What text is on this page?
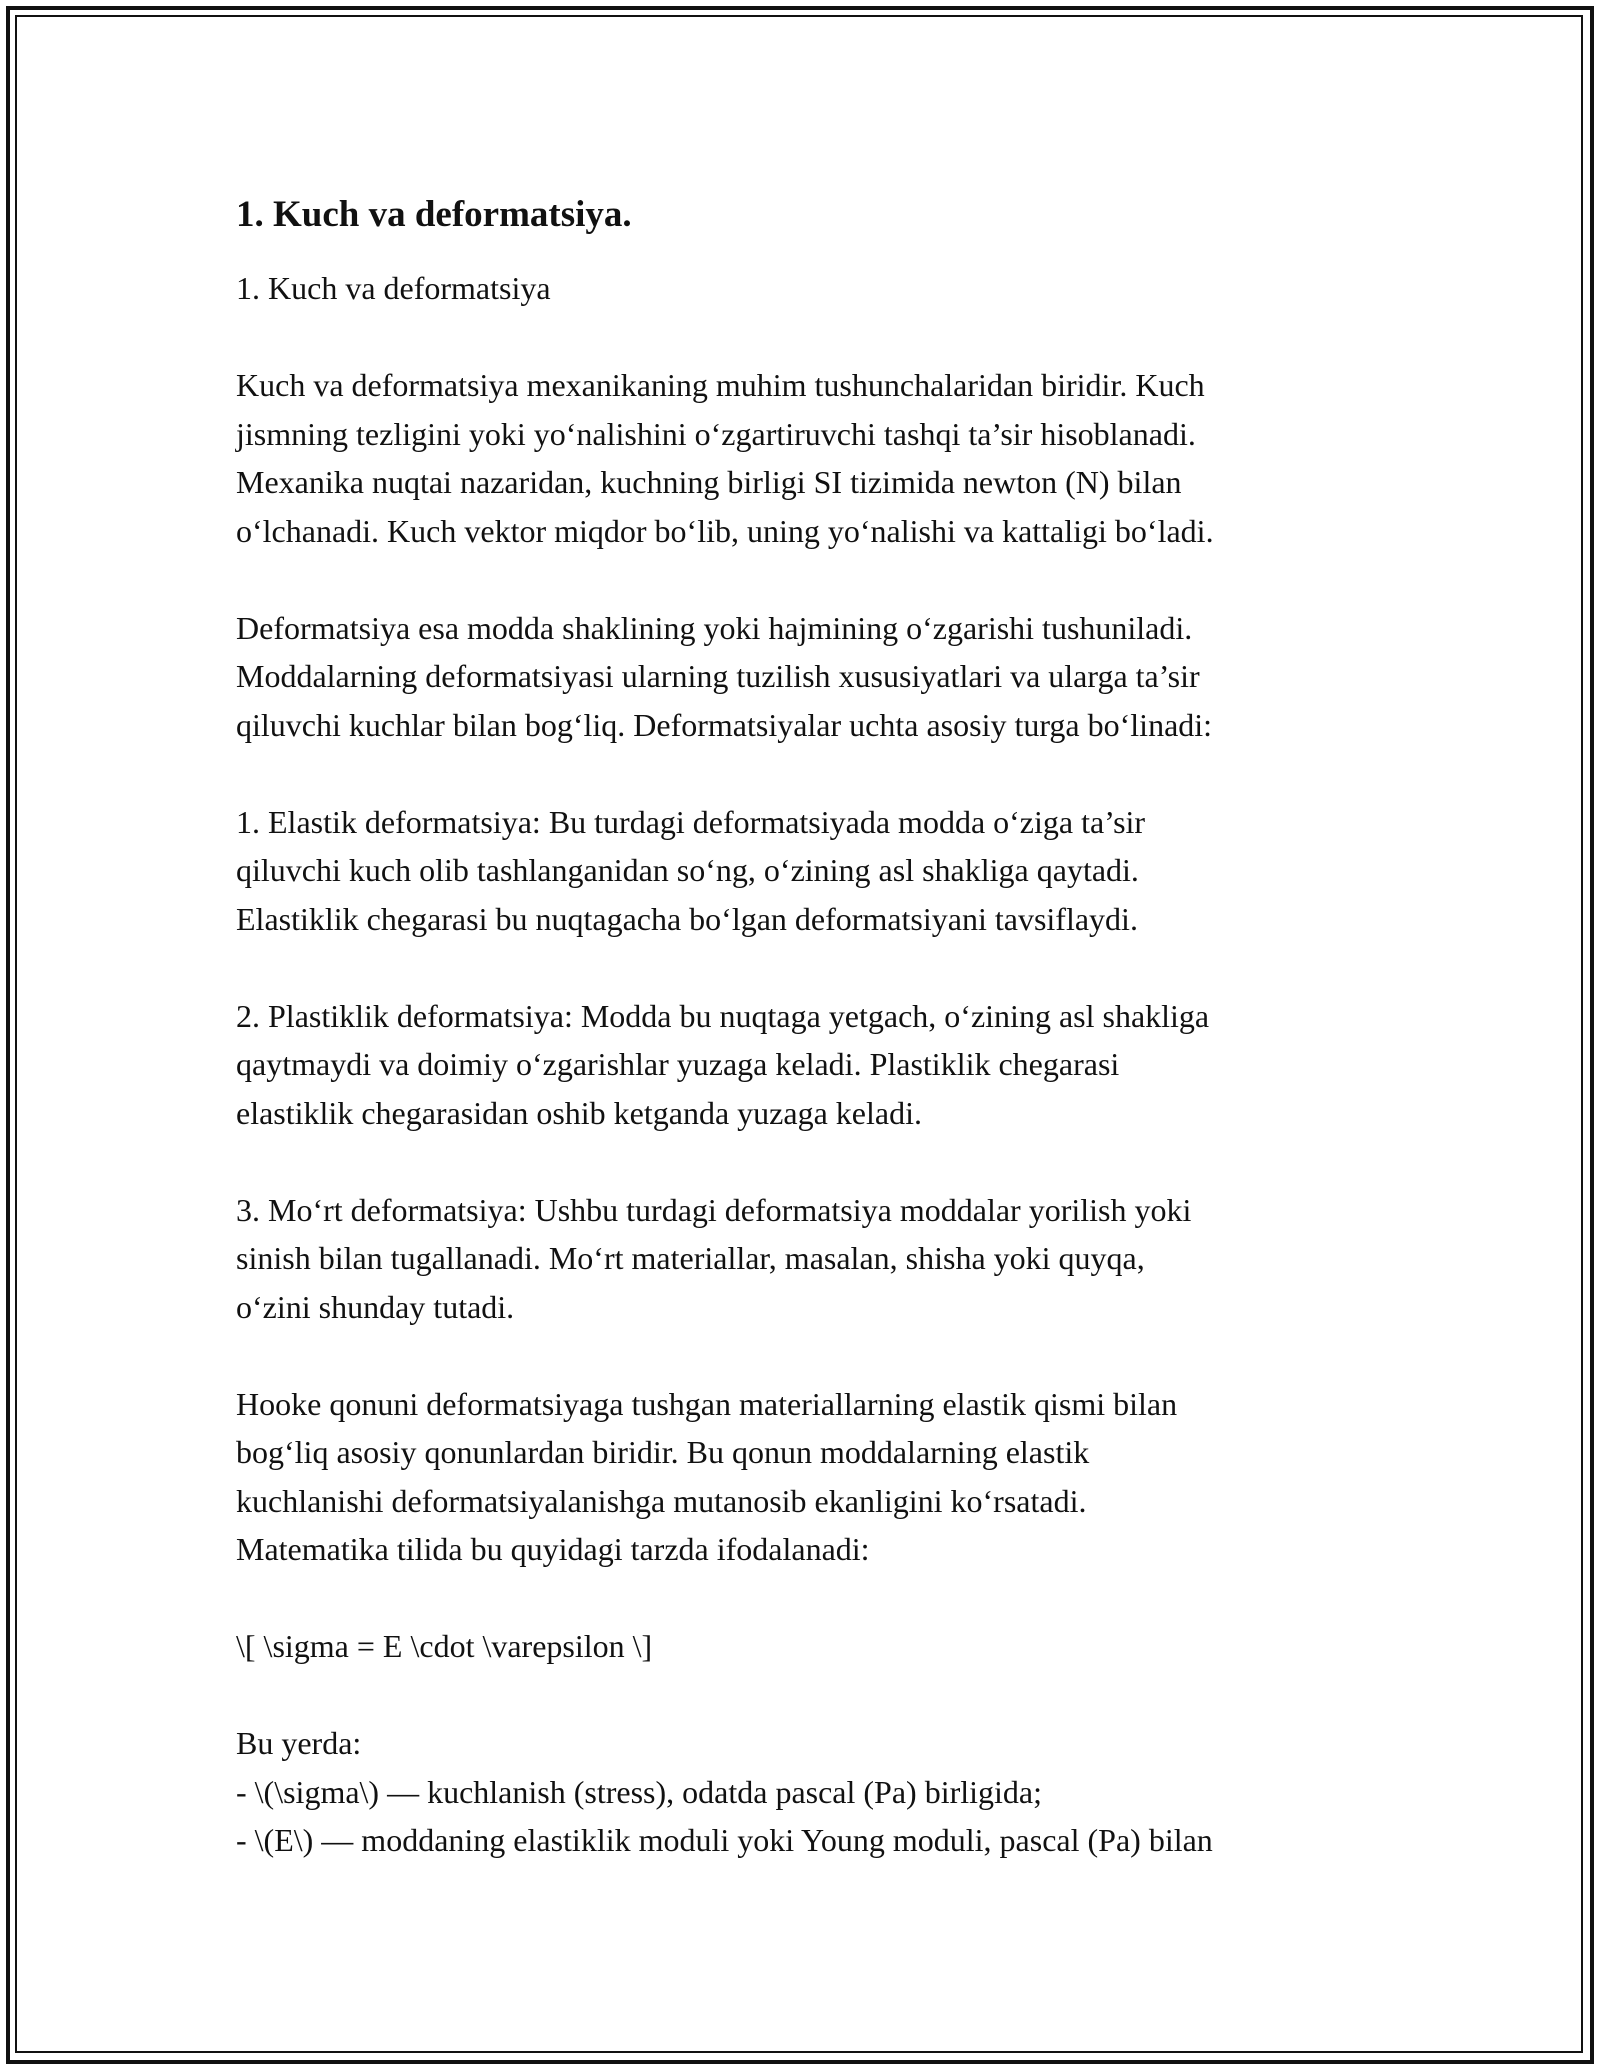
1. Kuch va deformatsiya.

1. Kuch va deformatsiya

Kuch va deformatsiya mexanikaning muhim tushunchalaridan biridir. Kuch
jismning tezligini yoki yo‘nalishini o‘zgartiruvchi tashqi ta’sir hisoblanadi.
Mexanika nuqtai nazaridan, kuchning birligi SI tizimida newton (N) bilan
o‘lchanadi. Kuch vektor miqdor bo‘lib, uning yo‘nalishi va kattaligi bo‘ladi.

Deformatsiya esa modda shaklining yoki hajmining o‘zgarishi tushuniladi.
Moddalarning deformatsiyasi ularning tuzilish xususiyatlari va ularga ta’sir
qiluvchi kuchlar bilan bog‘liq. Deformatsiyalar uchta asosiy turga bo‘linadi:

1. Elastik deformatsiya: Bu turdagi deformatsiyada modda o‘ziga ta’sir
qiluvchi kuch olib tashlanganidan so‘ng, o‘zining asl shakliga qaytadi.
Elastiklik chegarasi bu nuqtagacha bo‘lgan deformatsiyani tavsiflaydi.

2. Plastiklik deformatsiya: Modda bu nuqtaga yetgach, o‘zining asl shakliga
qaytmaydi va doimiy o‘zgarishlar yuzaga keladi. Plastiklik chegarasi
elastiklik chegarasidan oshib ketganda yuzaga keladi.

3. Mo‘rt deformatsiya: Ushbu turdagi deformatsiya moddalar yorilish yoki
sinish bilan tugallanadi. Mo‘rt materiallar, masalan, shisha yoki quyqa,
o‘zini shunday tutadi.

Hooke qonuni deformatsiyaga tushgan materiallarning elastik qismi bilan
bog‘liq asosiy qonunlardan biridir. Bu qonun moddalarning elastik
kuchlanishi deformatsiyalanishga mutanosib ekanligini ko‘rsatadi.
Matematika tilida bu quyidagi tarzda ifodalanadi:

\[ \sigma = E \cdot \varepsilon \]

Bu yerda:
- \(\sigma\) — kuchlanish (stress), odatda pascal (Pa) birligida;
- \(E\) — moddaning elastiklik moduli yoki Young moduli, pascal (Pa) bilan
